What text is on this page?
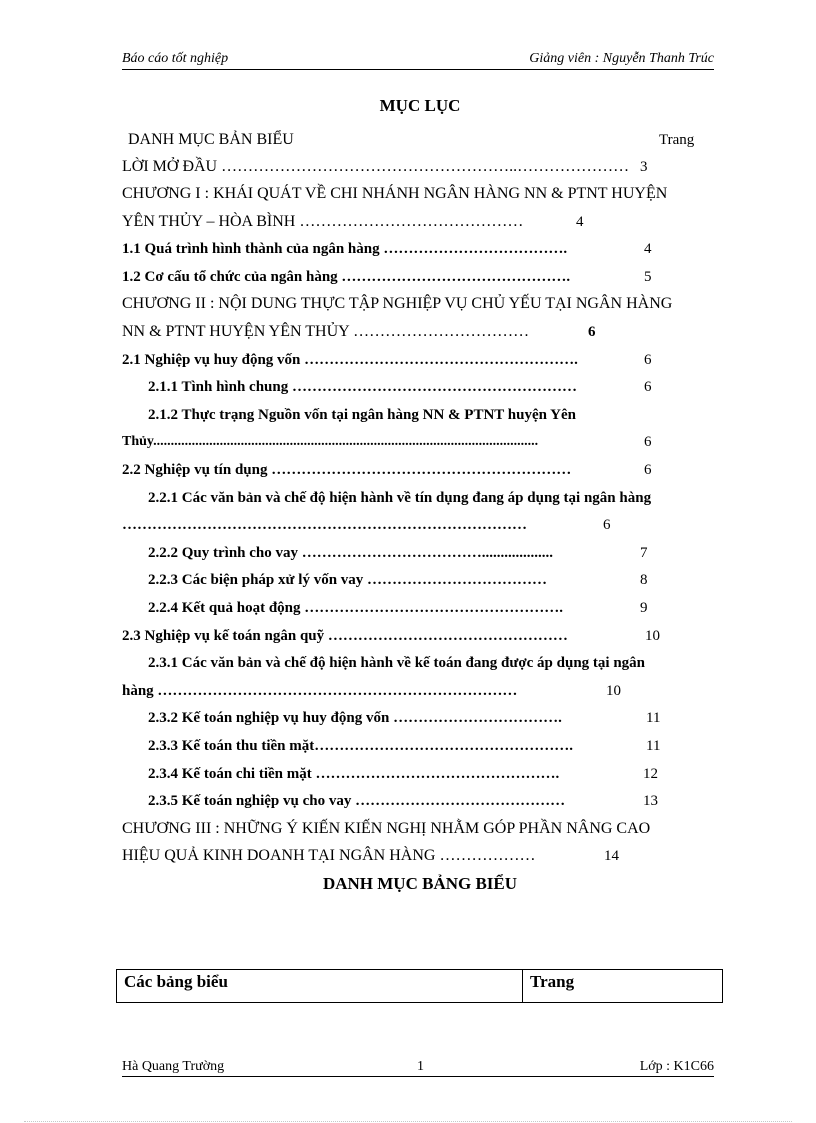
Báo cáo tốt nghiệp	Giảng viên : Nguyễn Thanh Trúc
MỤC LỤC
DANH MỤC BẢN BIỂU	Trang
LỜI MỞ ĐẦU ………………………………………………..………………… 3
CHƯƠNG I : KHÁI QUÁT VỀ CHI NHÁNH NGÂN HÀNG NN & PTNT HUYỆN
YÊN THỦY – HÒA BÌNH ……………………………………	4
1.1 Quá trình hình thành của ngân hàng ……………………………….	4
1.2 Cơ cấu tổ chức của ngân hàng ……………………………………….	5
CHƯƠNG II : NỘI DUNG THỰC TẬP NGHIỆP VỤ CHỦ YẾU TẠI NGÂN HÀNG
NN & PTNT HUYỆN YÊN THỦY ……………………………	6
2.1 Nghiệp vụ huy động vốn ……………………………………………….	6
2.1.1 Tình hình chung …………………………………………………	6
2.1.2 Thực trạng Nguồn vốn tại ngân hàng NN & PTNT huyện Yên
Thủy..............................................................................................................	6
2.2 Nghiệp vụ tín dụng ……………………………………………………	6
2.2.1 Các văn bản và chế độ hiện hành về tín dụng đang áp dụng tại ngân hàng
………………………………………………………………………	6
2.2.2 Quy trình cho vay ………………………………...................	7
2.2.3 Các biện pháp xử lý vốn vay ………………………………	8
2.2.4 Kết quả hoạt động …………………………………………….	9
2.3 Nghiệp vụ kế toán ngân quỹ …………………………………………	10
2.3.1 Các văn bản và chế độ hiện hành về kế toán đang được áp dụng tại ngân
hàng ………………………………………………………………	10
2.3.2 Kế toán nghiệp vụ huy động vốn …………………………….	11
2.3.3 Kế toán thu tiền mặt…………………………………………….	11
2.3.4 Kế toán chi tiền mặt ………………………………………….	12
2.3.5 Kế toán nghiệp vụ cho vay ……………………………………	13
CHƯƠNG III : NHỮNG Ý KIẾN KIẾN NGHỊ NHẰM GÓP PHẦN NÂNG CAO
HIỆU QUẢ KINH DOANH TẠI NGÂN HÀNG ………………	14
DANH MỤC BẢNG BIỂU
Các bảng biểu	Trang
Hà Quang Trường	1	Lớp : K1C66
